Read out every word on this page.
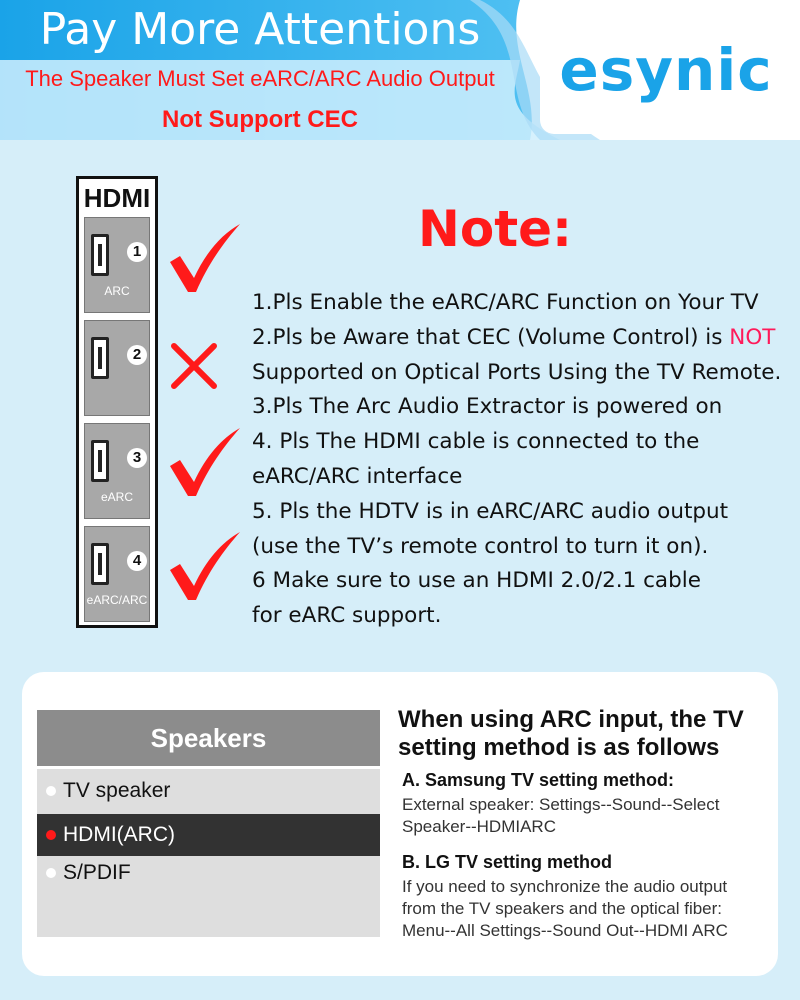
Pay More Attentions
The Speaker Must Set eARC/ARC Audio Output
Not Support CEC
esynic
HDMI
1
ARC
2
3
eARC
4
eARC/ARC
Note:
1.Pls Enable the eARC/ARC Function on Your TV
2.Pls be Aware that CEC (Volume Control) is NOT
Supported on Optical Ports Using the TV Remote.
3.Pls The Arc Audio Extractor is powered on
4. Pls The HDMI cable is connected to the
eARC/ARC interface
5. Pls the HDTV is in eARC/ARC audio output
(use the TV’s remote control to turn it on).
6 Make sure to use an HDMI 2.0/2.1 cable
for eARC support.
Speakers
TV speaker
HDMI(ARC)
S/PDIF
When using ARC input, the TV
setting method is as follows
A. Samsung TV setting method:
External speaker: Settings--Sound--Select
Speaker--HDMIARC
B. LG TV setting method
If you need to synchronize the audio output
from the TV speakers and the optical fiber:
Menu--All Settings--Sound Out--HDMI ARC
